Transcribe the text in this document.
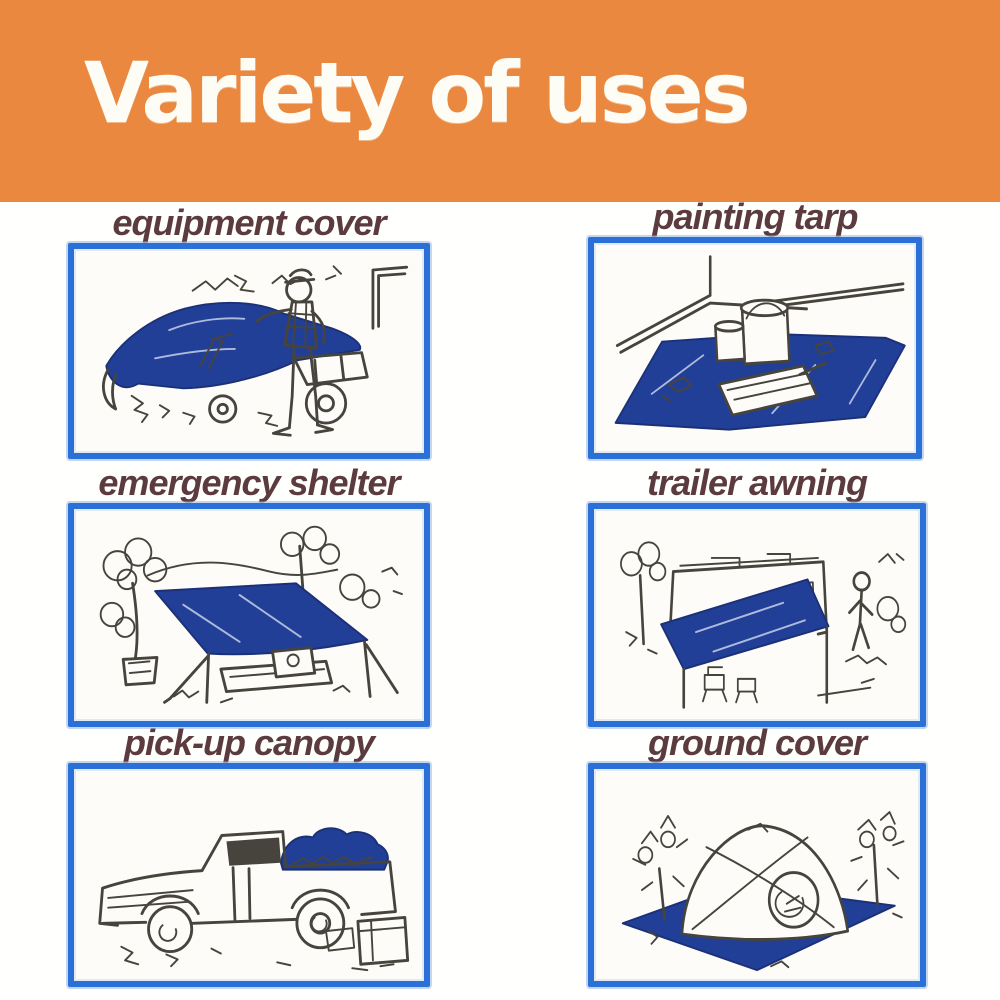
Variety of uses
equipment cover	painting tarp
emergency shelter	trailer awning
pick-up canopy	ground cover
